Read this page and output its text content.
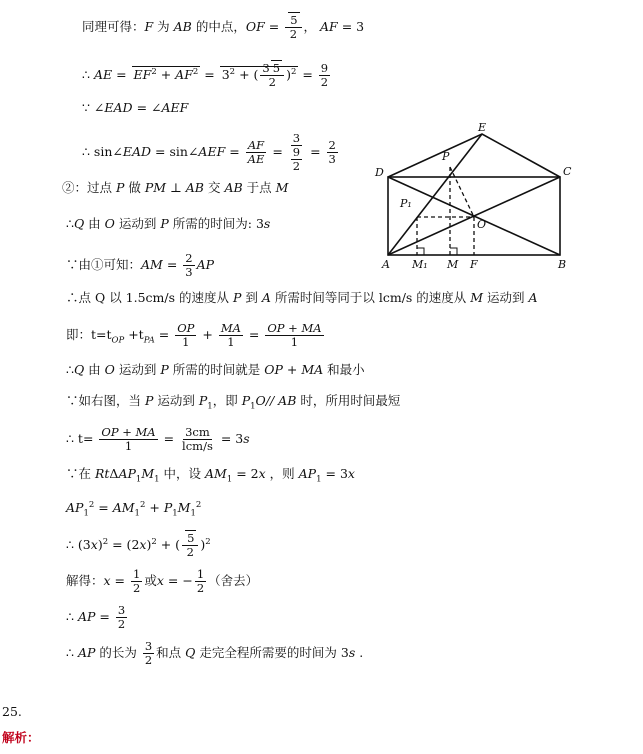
同理可得：F 为 AB 的中点，OF = $\frac{5}{2}$ ， AF = 3
∴ AE = $EF^2 + AF^2 = 3^2$ + ( $\frac{3 5}{2} )^2 = \frac{9}{2}$
∵ ∠EAD = ∠AEF
∴ sin∠EAD = sin∠AEF = $\frac{AF}{AE} = \frac{3}{\frac{9}{2}} = \frac{2}{3}$
②：过点 P 做 PM ⊥ AB 交 AB 于点 M
∴Q 由 O 运动到 P 所需的时间为: 3s
∵由①可知：AM = $\frac{2}{3}$ AP
∴点 Q 以 1.5cm/s 的速度从 P 到 A 所需时间等同于以 lcm/s 的速度从 M 运动到 A
即：$t=t_{OP} +t_{PA} = \frac{OP}{1} + \frac{MA}{1} = \frac{OP + MA}{1}$
∴Q 由 O 运动到 P 所需的时间就是 OP + MA 和最小
∵如右图，当 P 运动到 $P_1$，即 $P_1O//$ AB 时，所用时间最短
∴ $t= \frac{OP + MA}{1} = \frac{3cm}{\text{lcm/s}} = 3s$
∵在 $Rt\Delta AP_1M_1$ 中，设 $AM_1 = 2x$ ，则 $AP_1 = 3x$
$AP_1^2 = AM_1^2 + P_1M_1^2$
∴ $(3x)^2 = (2x)^2$ + ( $\frac{5}{2} )^2$
解得：$x = \frac{1}{2}$ 或x = − $\frac{1}{2}$ （舍去）
∴ AP = $\frac{3}{2}$
∴ AP 的长为 $\frac{3}{2}$ 和点 Q 走完全程所需要的时间为 3s .
25.
解析：
E
P
D	C
P₁
O
A M₁ M F	B
